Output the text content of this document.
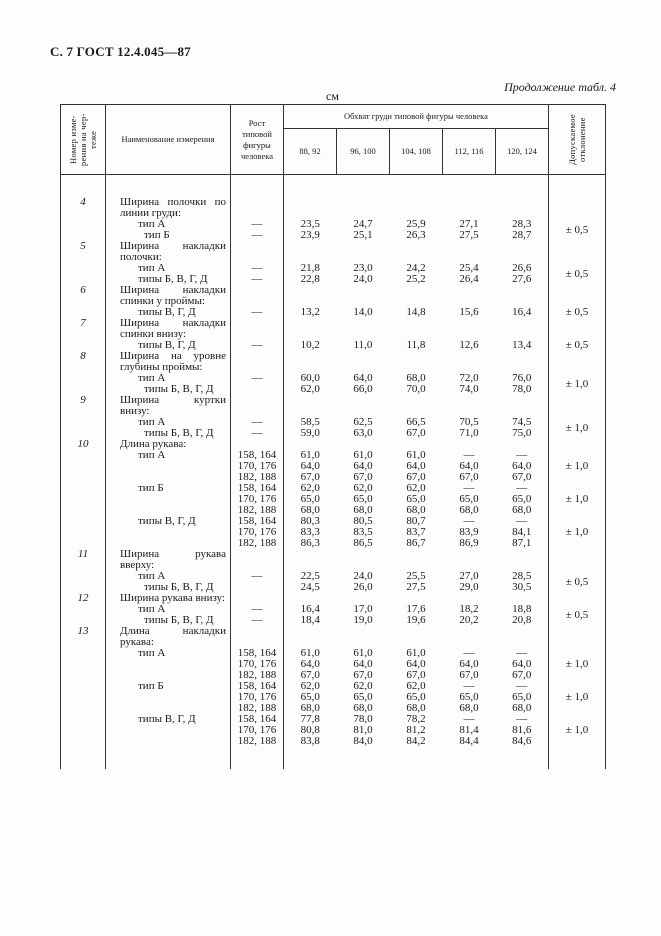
С. 7 ГОСТ 12.4.045—87
Продолжение табл. 4
см
Номер изме-рения на чер-теже	Наименование измерения	Рост типовой фигуры человека	Обхват груди типовой фигуры человека					Допускаемое отклонение

			88, 92	96, 100	104, 108	112, 116	120, 124	

4	Ширина полочки по
линии груди:							

	тип А	—	23,5	24,7	25,9	27,1	28,3	± 0,5

	тип Б	—	23,9	25,1	26,3	27,5	28,7	
5	Ширина накладки
полочки:							

	тип А	—	21,8	23,0	24,2	25,4	26,6	± 0,5

	типы Б, В, Г, Д	—	22,8	24,0	25,2	26,4	27,6	
6	Ширина накладки
спинки у проймы:							

	типы В, Г, Д	—	13,2	14,0	14,8	15,6	16,4	± 0,5
7	Ширина накладки
спинки внизу:							

	типы В, Г, Д	—	10,2	11,0	11,8	12,6	13,4	± 0,5
8	Ширина на уровне
глубины проймы:							

	тип А	—	60,0	64,0	68,0	72,0	76,0	± 1,0

	типы Б, В, Г, Д		62,0	66,0	70,0	74,0	78,0	
9	Ширина куртки
внизу:							

	тип А	—	58,5	62,5	66,5	70,5	74,5	± 1,0

	типы Б, В, Г, Д	—	59,0	63,0	67,0	71,0	75,0	
10	Длина рукава:							

	тип А	158, 164	61,0	61,0	61,0	—	—	± 1,0
		170, 176	64,0	64,0	64,0	64,0	64,0	
		182, 188	67,0	67,0	67,0	67,0	67,0	

	тип Б	158, 164	62,0	62,0	62,0	—	—	± 1,0
		170, 176	65,0	65,0	65,0	65,0	65,0	
		182, 188	68,0	68,0	68,0	68,0	68,0	

	типы В, Г, Д	158, 164	80,3	80,5	80,7	—	—	± 1,0
		170, 176	83,3	83,5	83,7	83,9	84,1	
		182, 188	86,3	86,5	86,7	86,9	87,1	
11	Ширина рукава
вверху:							

	тип А	—	22,5	24,0	25,5	27,0	28,5	± 0,5

	типы Б, В, Г, Д		24,5	26,0	27,5	29,0	30,5	
12	Ширина рукава внизу:							

	тип А	—	16,4	17,0	17,6	18,2	18,8	± 0,5

	типы Б, В, Г, Д	—	18,4	19,0	19,6	20,2	20,8	
13	Длина накладки
рукава:							

	тип А	158, 164	61,0	61,0	61,0	—	—	± 1,0
		170, 176	64,0	64,0	64,0	64,0	64,0	
		182, 188	67,0	67,0	67,0	67,0	67,0	

	тип Б	158, 164	62,0	62,0	62,0	—	—	± 1,0
		170, 176	65,0	65,0	65,0	65,0	65,0	
		182, 188	68,0	68,0	68,0	68,0	68,0	

	типы В, Г, Д	158, 164	77,8	78,0	78,2	—	—	± 1,0
		170, 176	80,8	81,0	81,2	81,4	81,6	
		182, 188	83,8	84,0	84,2	84,4	84,6	
